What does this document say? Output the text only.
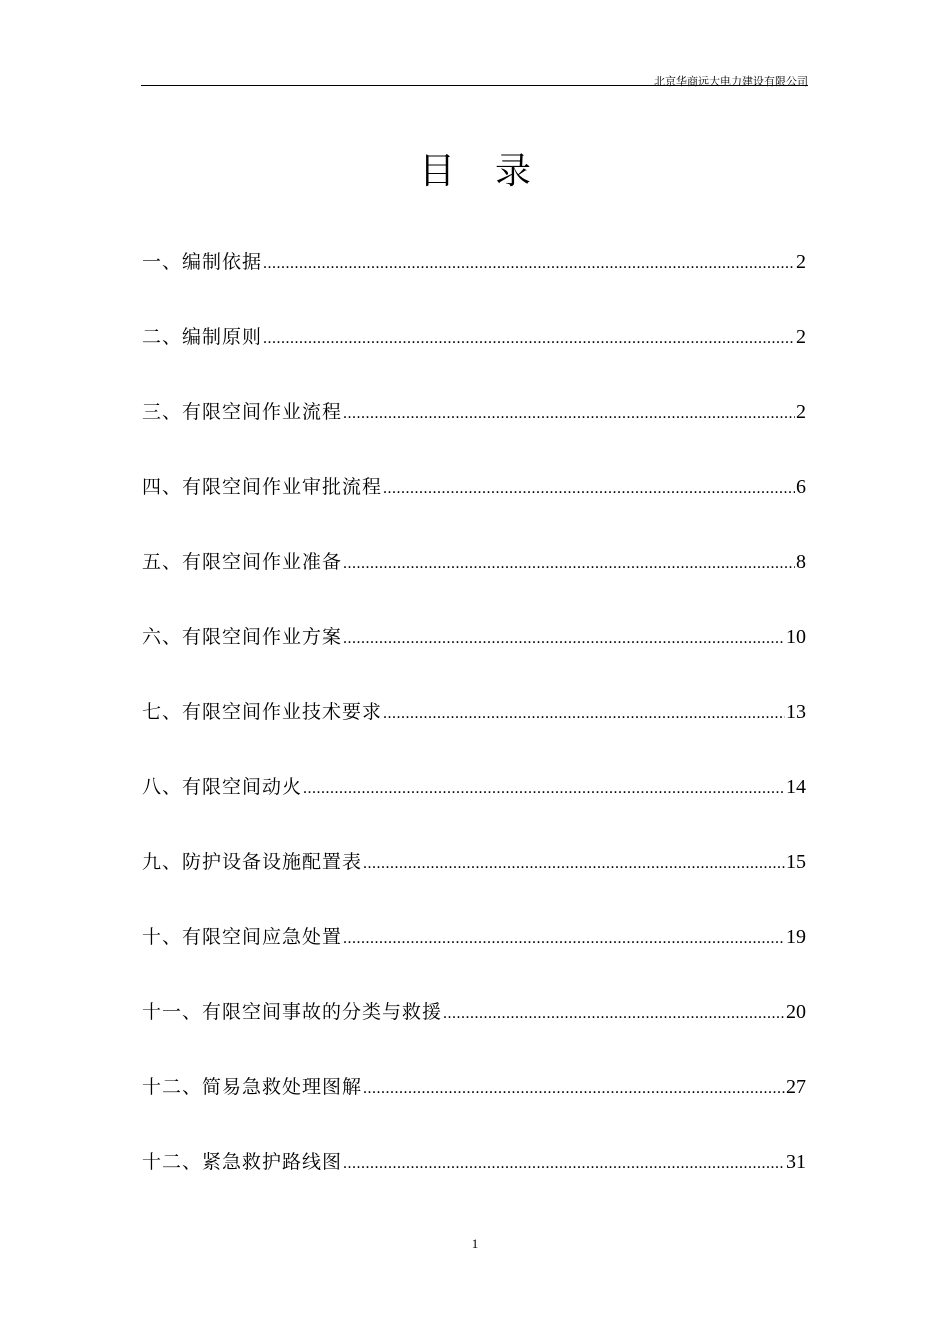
北京华商远大电力建设有限公司
目录
一、编制依据 .....	2
二、编制原则 .....	2
三、有限空间作业流程 .....	2
四、有限空间作业审批流程 .....	6
五、有限空间作业准备 .....	8
六、有限空间作业方案 .....	10
七、有限空间作业技术要求 .....	13
八、有限空间动火 .....	14
九、防护设备设施配置表 .....	15
十、有限空间应急处置 .....	19
十一、有限空间事故的分类与救援 .....	20
十二、简易急救处理图解 .....	27
十二、紧急救护路线图 .....	31
1
